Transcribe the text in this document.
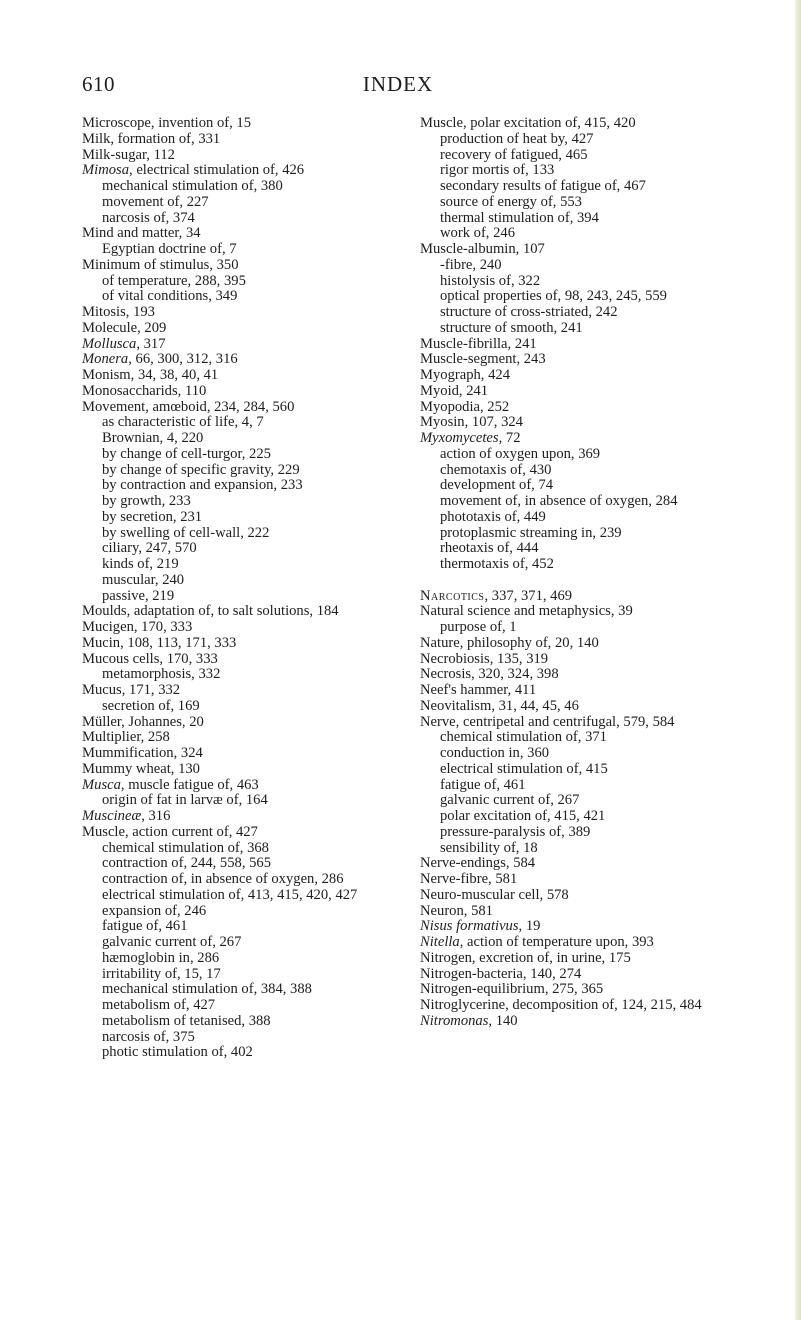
610	INDEX
Microscope, invention of, 15
Milk, formation of, 331
Milk-sugar, 112
Mimosa, electrical stimulation of, 426
mechanical stimulation of, 380
movement of, 227
narcosis of, 374
Mind and matter, 34
Egyptian doctrine of, 7
Minimum of stimulus, 350
of temperature, 288, 395
of vital conditions, 349
Mitosis, 193
Molecule, 209
Mollusca, 317
Monera, 66, 300, 312, 316
Monism, 34, 38, 40, 41
Monosaccharids, 110
Movement, amœboid, 234, 284, 560
as characteristic of life, 4, 7
Brownian, 4, 220
by change of cell-turgor, 225
by change of specific gravity, 229
by contraction and expansion, 233
by growth, 233
by secretion, 231
by swelling of cell-wall, 222
ciliary, 247, 570
kinds of, 219
muscular, 240
passive, 219
Moulds, adaptation of, to salt solutions, 184
Mucigen, 170, 333
Mucin, 108, 113, 171, 333
Mucous cells, 170, 333
metamorphosis, 332
Mucus, 171, 332
secretion of, 169
Müller, Johannes, 20
Multiplier, 258
Mummification, 324
Mummy wheat, 130
Musca, muscle fatigue of, 463
origin of fat in larvæ of, 164
Muscineæ, 316
Muscle, action current of, 427
chemical stimulation of, 368
contraction of, 244, 558, 565
contraction of, in absence of oxygen, 286
electrical stimulation of, 413, 415, 420, 427
expansion of, 246
fatigue of, 461
galvanic current of, 267
hæmoglobin in, 286
irritability of, 15, 17
mechanical stimulation of, 384, 388
metabolism of, 427
metabolism of tetanised, 388
narcosis of, 375
photic stimulation of, 402
Muscle, polar excitation of, 415, 420
production of heat by, 427
recovery of fatigued, 465
rigor mortis of, 133
secondary results of fatigue of, 467
source of energy of, 553
thermal stimulation of, 394
work of, 246
Muscle-albumin, 107
-fibre, 240
histolysis of, 322
optical properties of, 98, 243, 245, 559
structure of cross-striated, 242
structure of smooth, 241
Muscle-fibrilla, 241
Muscle-segment, 243
Myograph, 424
Myoid, 241
Myopodia, 252
Myosin, 107, 324
Myxomycetes, 72
action of oxygen upon, 369
chemotaxis of, 430
development of, 74
movement of, in absence of oxygen, 284
phototaxis of, 449
protoplasmic streaming in, 239
rheotaxis of, 444
thermotaxis of, 452
Narcotics, 337, 371, 469
Natural science and metaphysics, 39
purpose of, 1
Nature, philosophy of, 20, 140
Necrobiosis, 135, 319
Necrosis, 320, 324, 398
Neef's hammer, 411
Neovitalism, 31, 44, 45, 46
Nerve, centripetal and centrifugal, 579, 584
chemical stimulation of, 371
conduction in, 360
electrical stimulation of, 415
fatigue of, 461
galvanic current of, 267
polar excitation of, 415, 421
pressure-paralysis of, 389
sensibility of, 18
Nerve-endings, 584
Nerve-fibre, 581
Neuro-muscular cell, 578
Neuron, 581
Nisus formativus, 19
Nitella, action of temperature upon, 393
Nitrogen, excretion of, in urine, 175
Nitrogen-bacteria, 140, 274
Nitrogen-equilibrium, 275, 365
Nitroglycerine, decomposition of, 124, 215, 484
Nitromonas, 140
